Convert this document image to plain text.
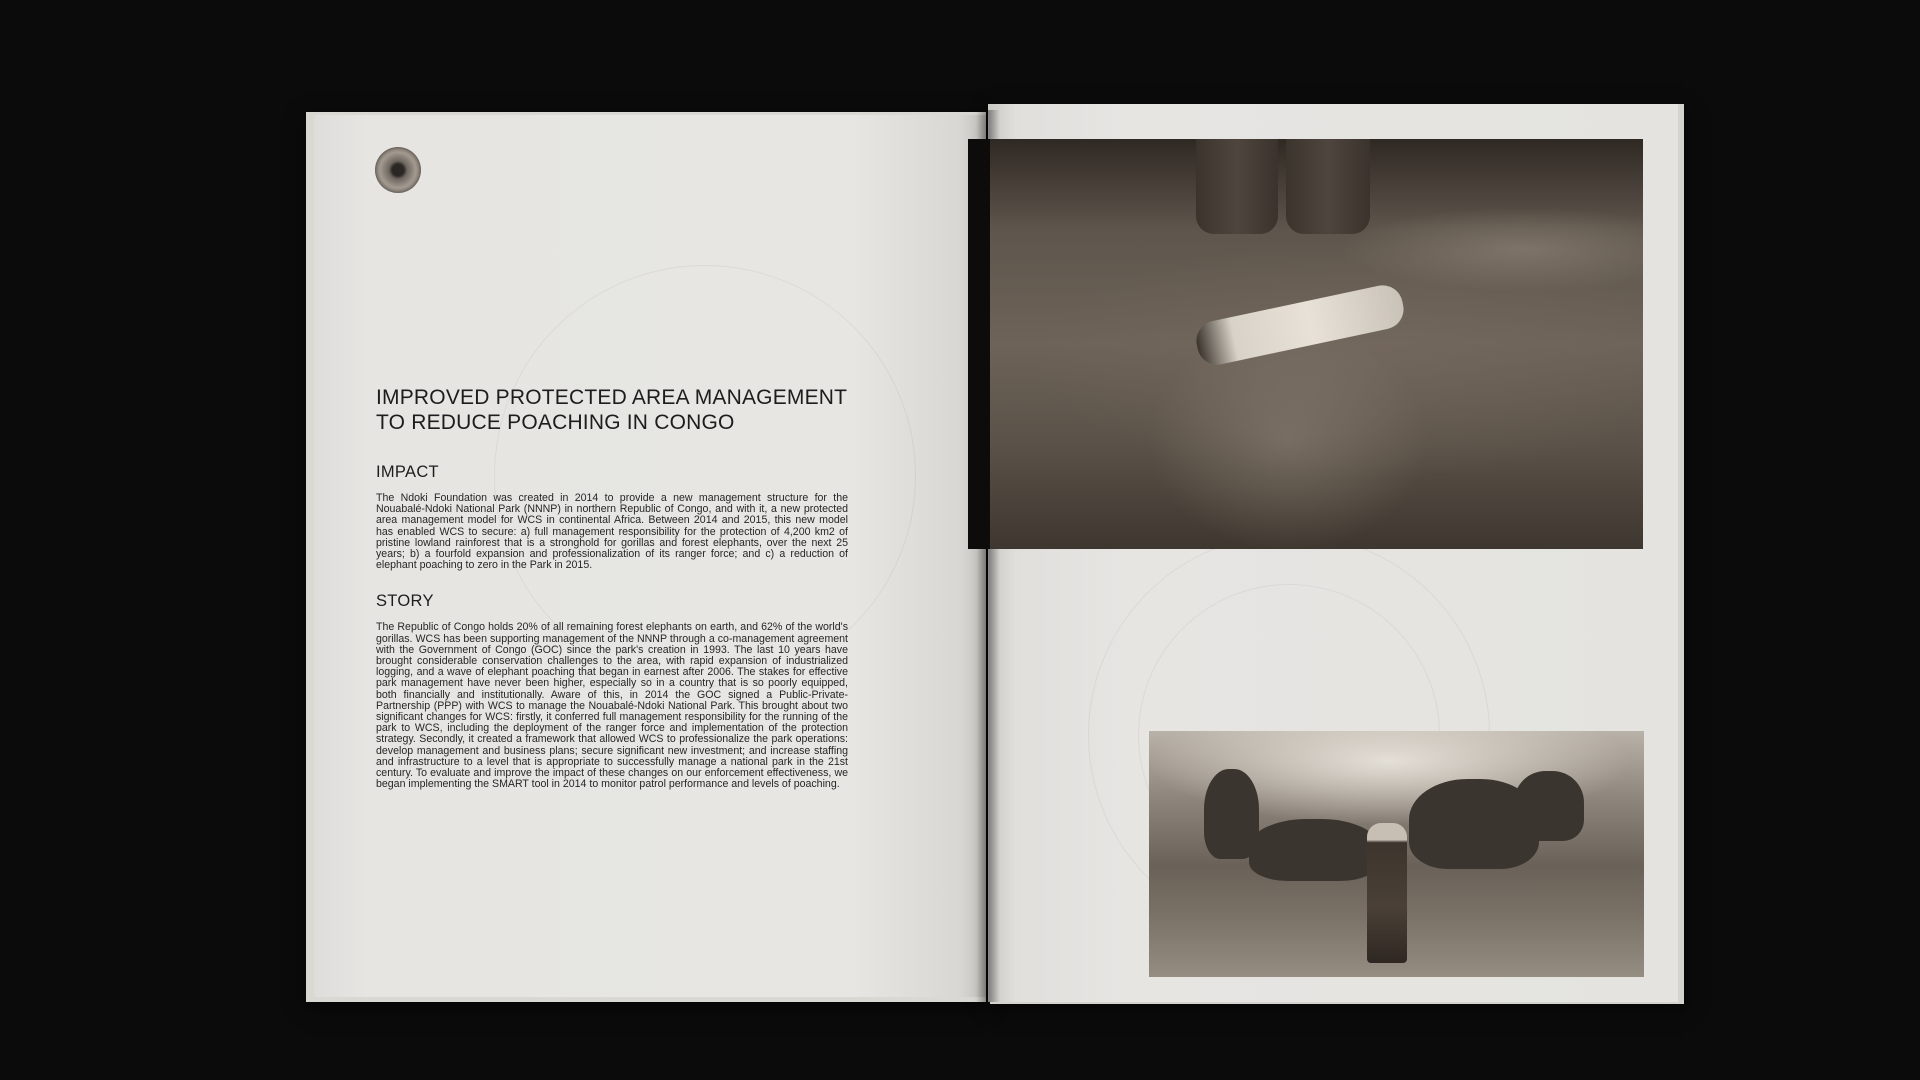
IMPROVED PROTECTED AREA MANAGEMENT
TO REDUCE POACHING IN CONGO
IMPACT

The Ndoki Foundation was created in 2014 to provide a new management structure for the Nouabalé-Ndoki National Park (NNNP) in northern Republic of Congo, and with it, a new protected area management model for WCS in continental Africa. Between 2014 and 2015, this new model has enabled WCS to secure: a) full management responsibility for the protection of 4,200 km2 of pristine lowland rainforest that is a stronghold for gorillas and forest elephants, over the next 25 years; b) a fourfold expansion and professionalization of its ranger force; and c) a reduction of elephant poaching to zero in the Park in 2015.

STORY

The Republic of Congo holds 20% of all remaining forest elephants on earth, and 62% of the world's gorillas. WCS has been supporting management of the NNNP through a co-management agreement with the Government of Congo (GOC) since the park's creation in 1993. The last 10 years have brought considerable conservation challenges to the area, with rapid expansion of industrialized logging, and a wave of elephant poaching that began in earnest after 2006. The stakes for effective park management have never been higher, especially so in a country that is so poorly equipped, both financially and institutionally. Aware of this, in 2014 the GOC signed a Public-Private-Partnership (PPP) with WCS to manage the Nouabalé-Ndoki National Park. This brought about two significant changes for WCS: firstly, it conferred full management responsibility for the running of the park to WCS, including the deployment of the ranger force and implementation of the protection strategy. Secondly, it created a framework that allowed WCS to professionalize the park operations: develop management and business plans; secure significant new investment; and increase staffing and infrastructure to a level that is appropriate to successfully manage a national park in the 21st century. To evaluate and improve the impact of these changes on our enforcement effectiveness, we began implementing the SMART tool in 2014 to monitor patrol performance and levels of poaching.
